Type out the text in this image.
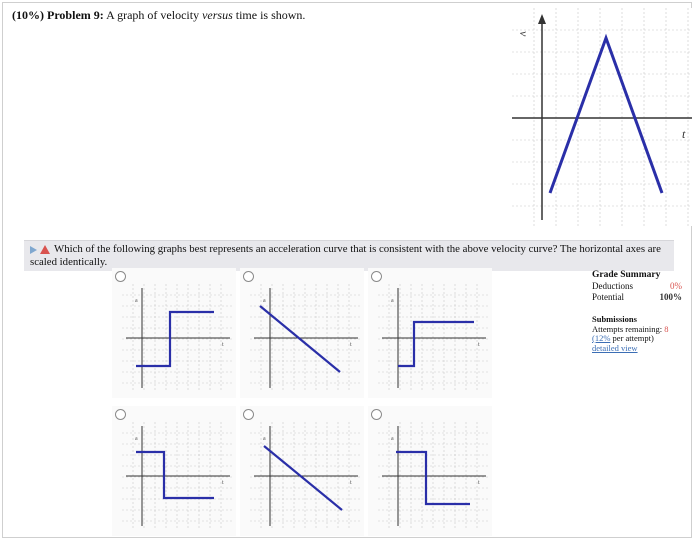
(10%) Problem 9: A graph of velocity versus time is shown.
v
t
Which of the following graphs best represents an acceleration curve that is consistent with the above velocity curve? The horizontal axes are scaled identically.
a
t
a
t
a
t
a
t
a
t
a
t
Grade Summary
Deductions	0%
Potential	100%
Submissions
Attempts remaining: 8
(12% per attempt)
detailed view
